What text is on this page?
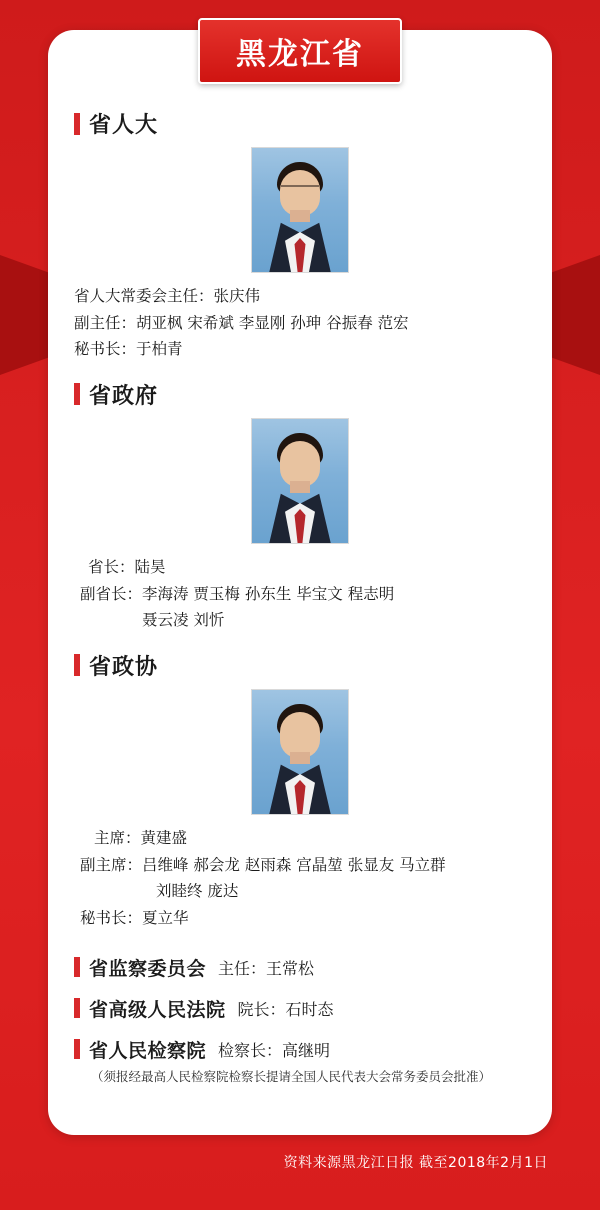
黑龙江省
省人大
省人大常委会主任：张庆伟
副主任：胡亚枫 宋希斌 李显刚 孙珅 谷振春 范宏
秘书长：于柏青
省政府
省长：陆昊
副省长：李海涛 贾玉梅 孙东生 毕宝文 程志明
聂云凌 刘忻
省政协
主席：黄建盛
副主席：吕维峰 郝会龙 赵雨森 宫晶堃 张显友 马立群
刘睦终 庞达
秘书长：夏立华
省监察委员会 主任：王常松
省高级人民法院 院长：石时态
省人民检察院 检察长：高继明
（须报经最高人民检察院检察长提请全国人民代表大会常务委员会批准）
资料来源黑龙江日报 截至2018年2月1日
